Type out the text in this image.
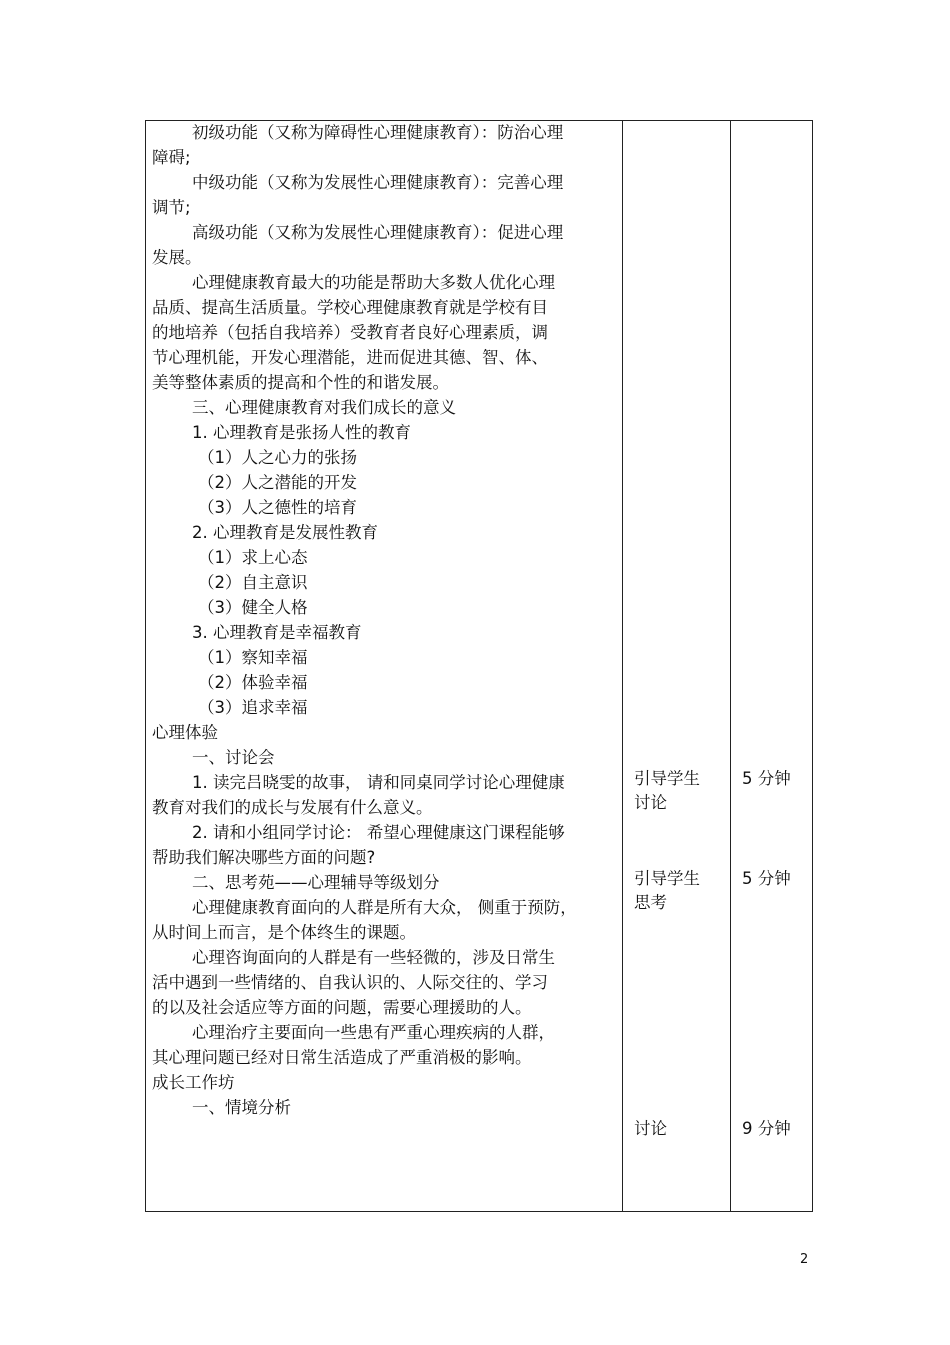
初级功能（又称为障碍性心理健康教育）：防治心理
障碍;
中级功能（又称为发展性心理健康教育）：完善心理
调节;
高级功能（又称为发展性心理健康教育）：促进心理
发展。
心理健康教育最大的功能是帮助大多数人优化心理
品质、提高生活质量。学校心理健康教育就是学校有目
的地培养（包括自我培养）受教育者良好心理素质，调
节心理机能，开发心理潜能，进而促进其德、智、体、
美等整体素质的提高和个性的和谐发展。
三、心理健康教育对我们成长的意义
1. 心理教育是张扬人性的教育
（1）人之心力的张扬
（2）人之潜能的开发
（3）人之德性的培育
2. 心理教育是发展性教育
（1）求上心态
（2）自主意识
（3）健全人格
3. 心理教育是幸福教育
（1）察知幸福
（2）体验幸福
（3）追求幸福
心理体验
一、讨论会
1. 读完吕晓雯的故事， 请和同桌同学讨论心理健康
教育对我们的成长与发展有什么意义。
2. 请和小组同学讨论： 希望心理健康这门课程能够
帮助我们解决哪些方面的问题?
二、思考苑——心理辅导等级划分
心理健康教育面向的人群是所有大众， 侧重于预防，
从时间上而言，是个体终生的课题。
心理咨询面向的人群是有一些轻微的，涉及日常生
活中遇到一些情绪的、自我认识的、人际交往的、学习
的以及社会适应等方面的问题，需要心理援助的人。
心理治疗主要面向一些患有严重心理疾病的人群，
其心理问题已经对日常生活造成了严重消极的影响。
成长工作坊
一、情境分析
引导学生
讨论
5 分钟
引导学生
思考
5 分钟
讨论	9 分钟
2
